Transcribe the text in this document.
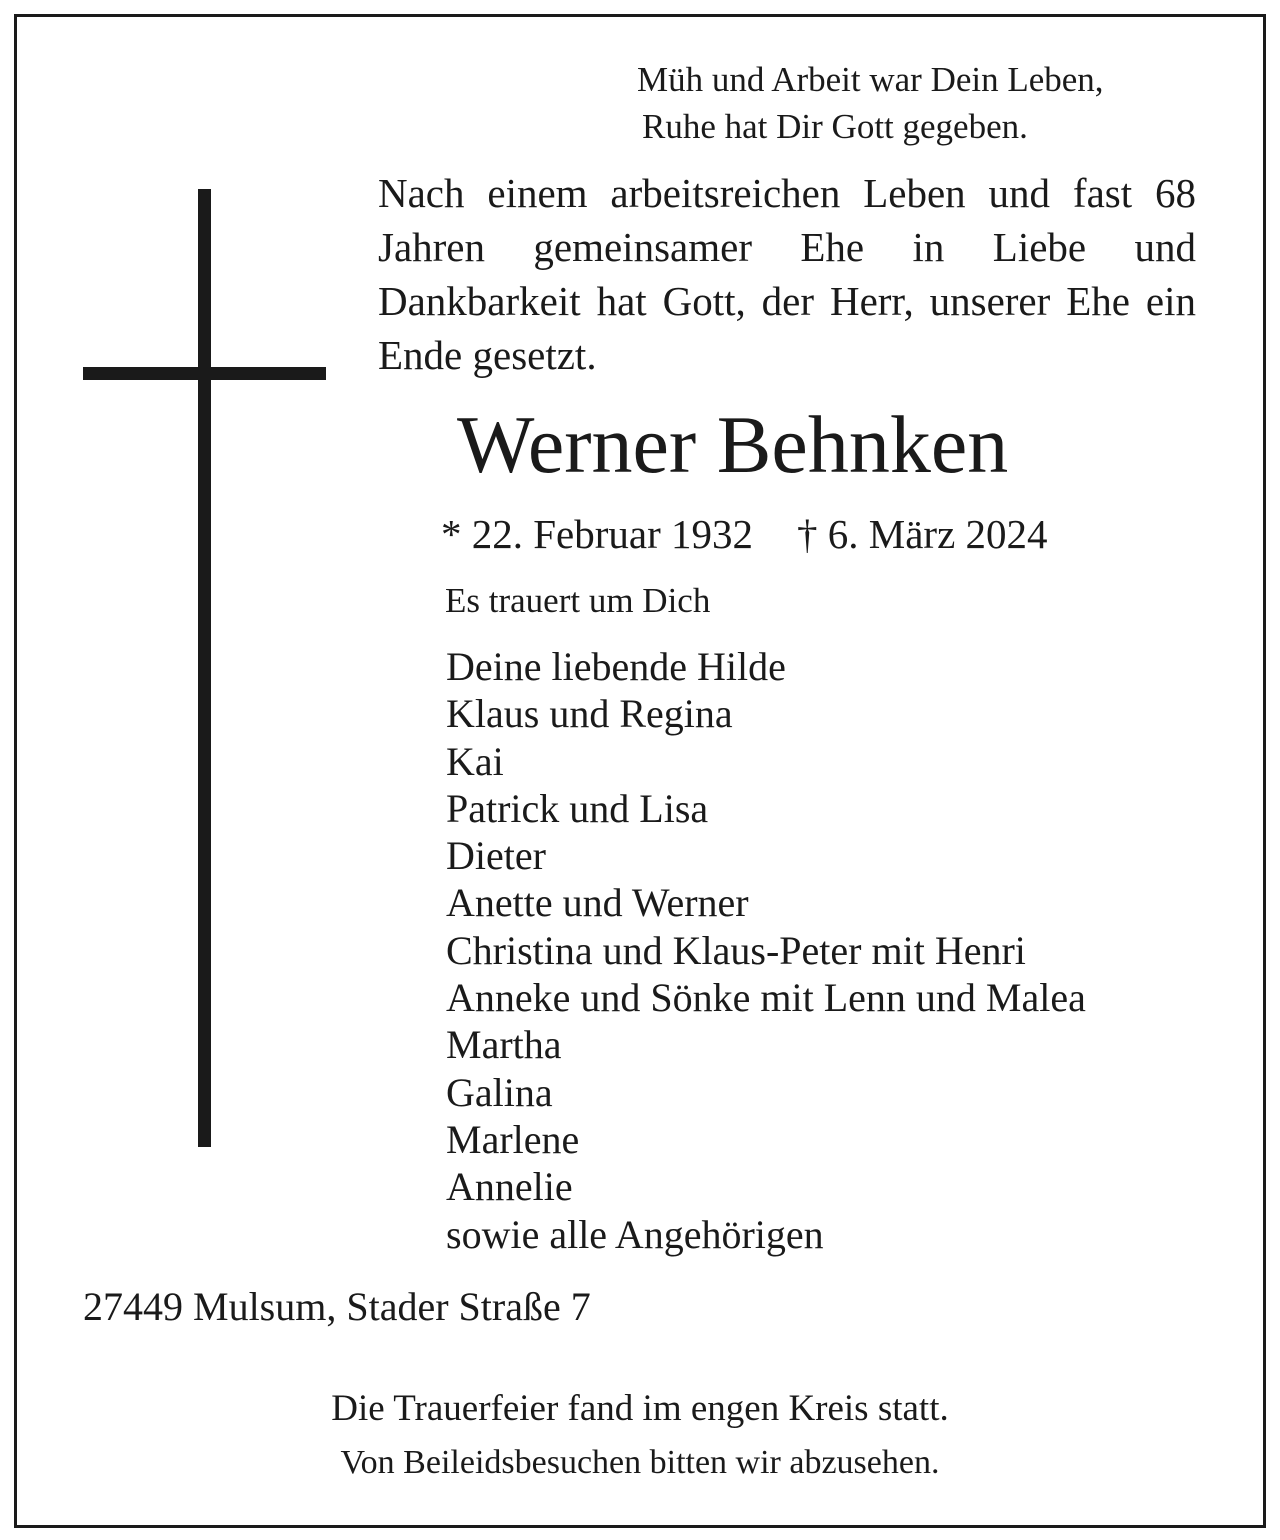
Müh und Arbeit war Dein Leben,
Ruhe hat Dir Gott gegeben.
Nach einem arbeitsreichen Leben und fast 68 Jahren gemeinsamer Ehe in Liebe und Dankbarkeit hat Gott, der Herr, unserer Ehe ein Ende gesetzt.
Werner Behnken
* 22. Februar 1932 † 6. März 2024
Es trauert um Dich
Deine liebende Hilde
Klaus und Regina
Kai
Patrick und Lisa
Dieter
Anette und Werner
Christina und Klaus-Peter mit Henri
Anneke und Sönke mit Lenn und Malea
Martha
Galina
Marlene
Annelie
sowie alle Angehörigen
27449 Mulsum, Stader Straße 7
Die Trauerfeier fand im engen Kreis statt.
Von Beileidsbesuchen bitten wir abzusehen.
